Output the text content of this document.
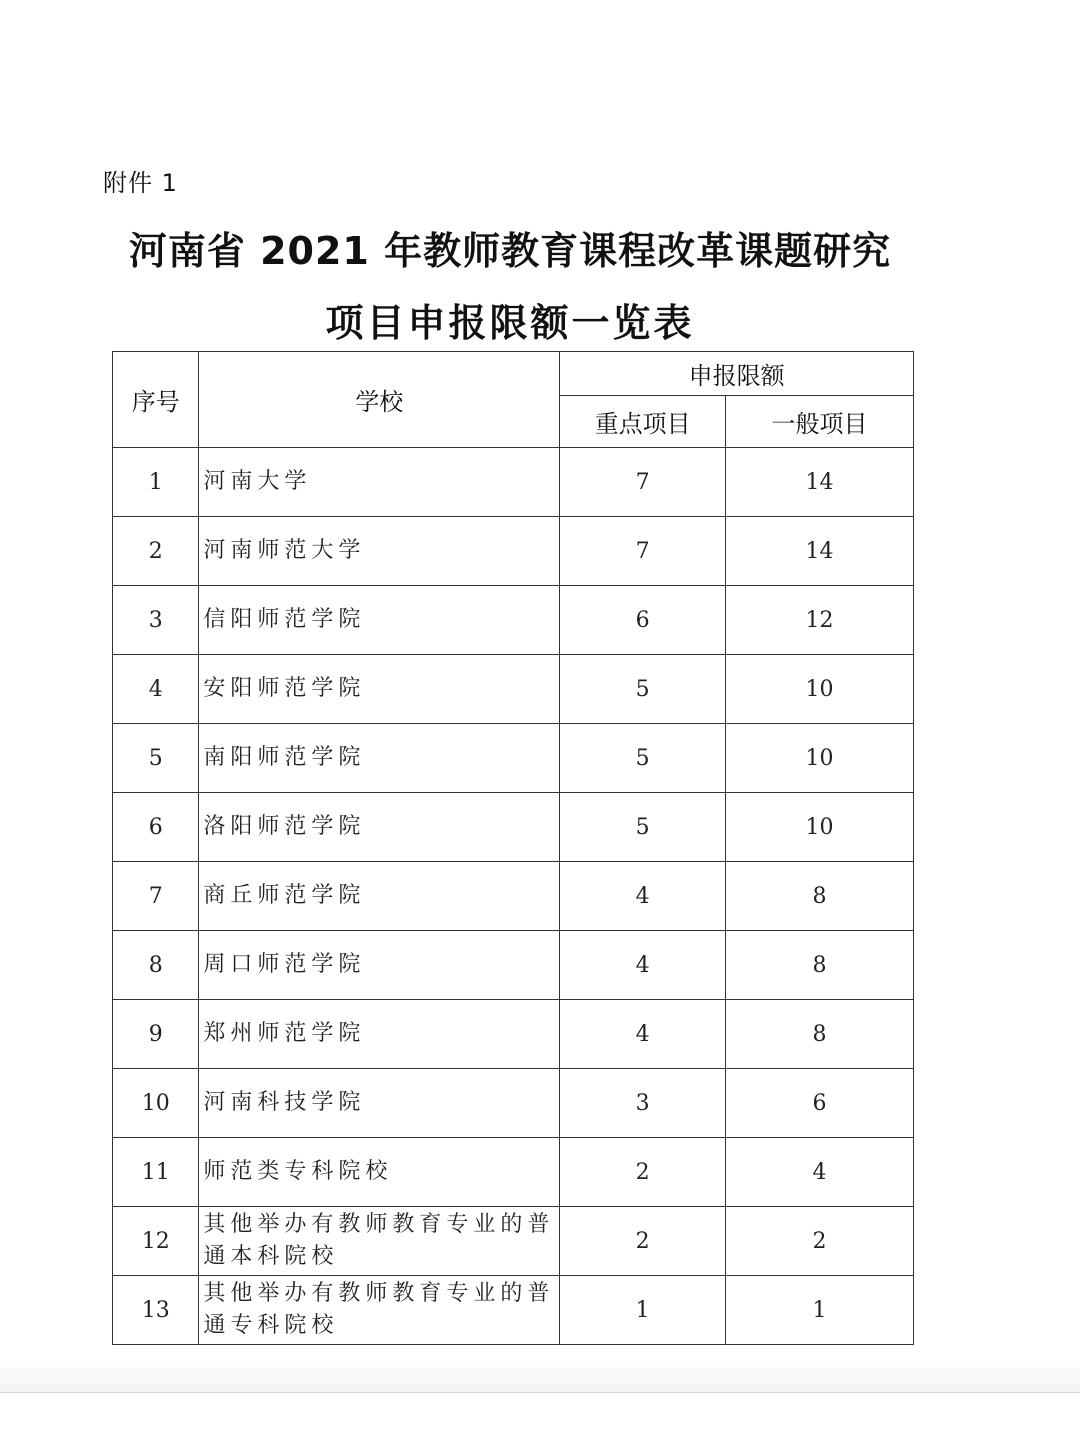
附件 1
河南省 2021 年教师教育课程改革课题研究
项目申报限额一览表
序号	学校	申报限额	
		重点项目	一般项目
1	河南大学	7	14
2	河南师范大学	7	14
3	信阳师范学院	6	12
4	安阳师范学院	5	10
5	南阳师范学院	5	10
6	洛阳师范学院	5	10
7	商丘师范学院	4	8
8	周口师范学院	4	8
9	郑州师范学院	4	8
10	河南科技学院	3	6
11	师范类专科院校	2	4
12	其他举办有教师教育专业的普通本科院校	2	2
13	其他举办有教师教育专业的普通专科院校	1	1
